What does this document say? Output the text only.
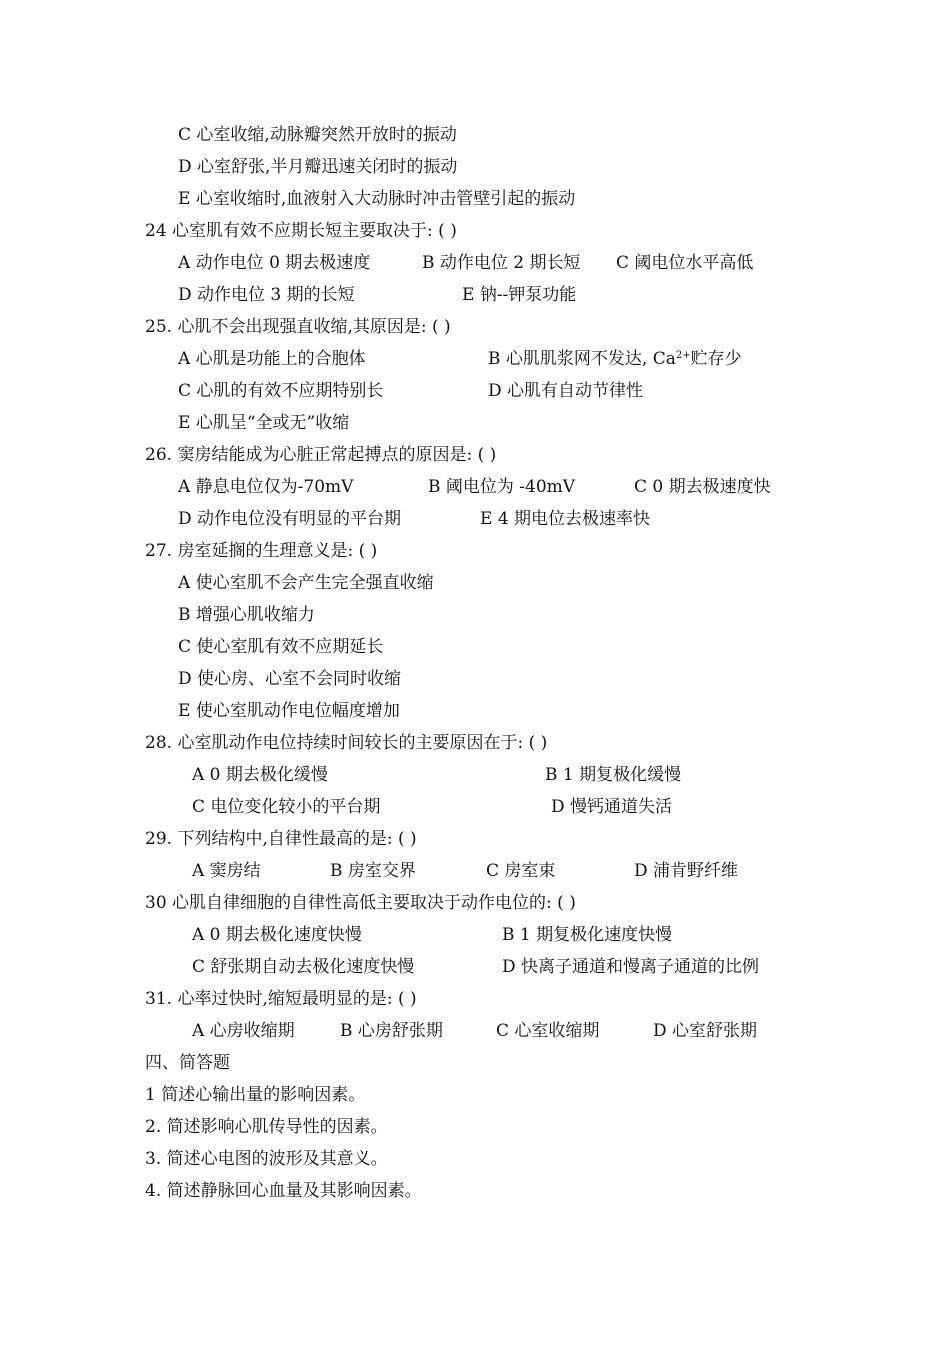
C 心室收缩,动脉瓣突然开放时的振动
D 心室舒张,半月瓣迅速关闭时的振动
E 心室收缩时,血液射入大动脉时冲击管壁引起的振动
24 心室肌有效不应期长短主要取决于: ( )
A 动作电位 0 期去极速度	B 动作电位 2 期长短 C 阈电位水平高低
D 动作电位 3 期的长短	E 钠--钾泵功能
25. 心肌不会出现强直收缩,其原因是: ( )
A 心肌是功能上的合胞体	B 心肌肌浆网不发达, $Ca^{2+}$贮存少
C 心肌的有效不应期特别长	D 心肌有自动节律性
E 心肌呈“全或无”收缩
26. 窦房结能成为心脏正常起搏点的原因是: ( )
A 静息电位仅为-70mV	B 阈电位为 -40mV	C 0 期去极速度快
D 动作电位没有明显的平台期	E 4 期电位去极速率快
27. 房室延搁的生理意义是: ( )
A 使心室肌不会产生完全强直收缩
B 增强心肌收缩力
C 使心室肌有效不应期延长
D 使心房、心室不会同时收缩
E 使心室肌动作电位幅度增加
28. 心室肌动作电位持续时间较长的主要原因在于: ( )
A 0 期去极化缓慢	B 1 期复极化缓慢
C 电位变化较小的平台期	D 慢钙通道失活
29. 下列结构中,自律性最高的是: ( )
A 窦房结	B 房室交界	C 房室束	D 浦肯野纤维
30 心肌自律细胞的自律性高低主要取决于动作电位的: ( )
A 0 期去极化速度快慢	B 1 期复极化速度快慢
C 舒张期自动去极化速度快慢	D 快离子通道和慢离子通道的比例
31. 心率过快时,缩短最明显的是: ( )
A 心房收缩期	B 心房舒张期	C 心室收缩期	D 心室舒张期
四、简答题
1 简述心输出量的影响因素。
2. 简述影响心肌传导性的因素。
3. 简述心电图的波形及其意义。
4. 简述静脉回心血量及其影响因素。
